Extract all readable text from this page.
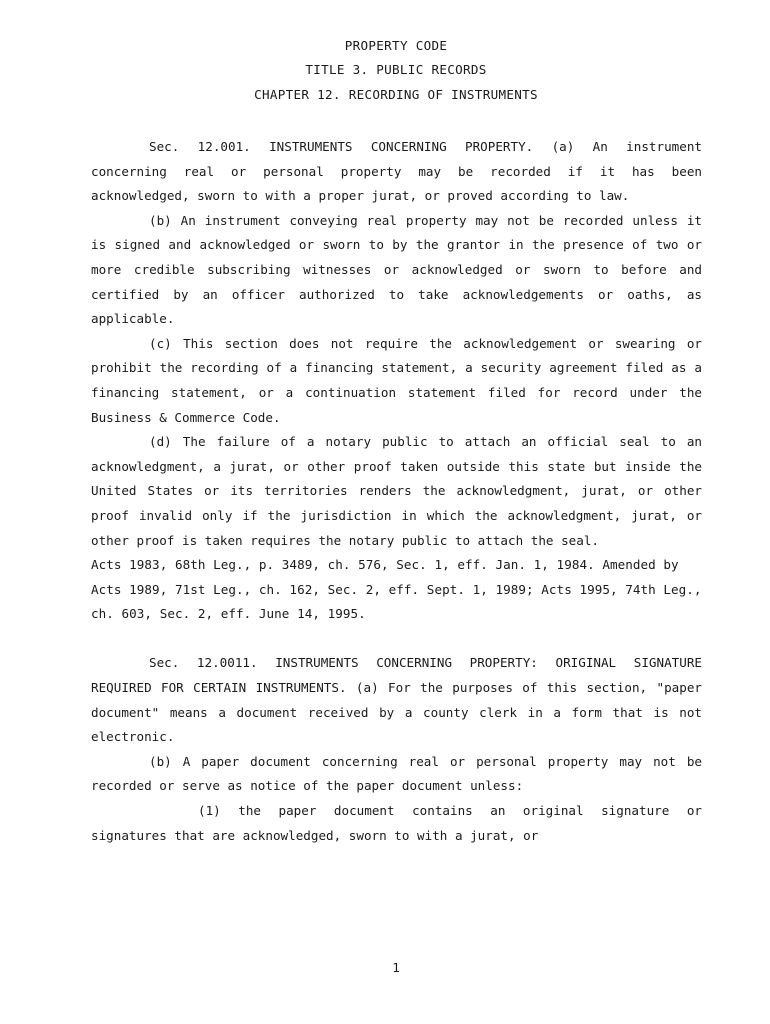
PROPERTY CODE
TITLE 3. PUBLIC RECORDS
CHAPTER 12. RECORDING OF INSTRUMENTS

Sec. 12.001. INSTRUMENTS CONCERNING PROPERTY. (a) An instrument concerning real or personal property may be recorded if it has been acknowledged, sworn to with a proper jurat, or proved according to law.

(b) An instrument conveying real property may not be recorded unless it is signed and acknowledged or sworn to by the grantor in the presence of two or more credible subscribing witnesses or acknowledged or sworn to before and certified by an officer authorized to take acknowledgements or oaths, as applicable.

(c) This section does not require the acknowledgement or swearing or prohibit the recording of a financing statement, a security agreement filed as a financing statement, or a continuation statement filed for record under the Business & Commerce Code.

(d) The failure of a notary public to attach an official seal to an acknowledgment, a jurat, or other proof taken outside this state but inside the United States or its territories renders the acknowledgment, jurat, or other proof invalid only if the jurisdiction in which the acknowledgment, jurat, or other proof is taken requires the notary public to attach the seal.

Acts 1983, 68th Leg., p. 3489, ch. 576, Sec. 1, eff. Jan. 1, 1984. Amended by Acts 1989, 71st Leg., ch. 162, Sec. 2, eff. Sept. 1, 1989; Acts 1995, 74th Leg., ch. 603, Sec. 2, eff. June 14, 1995.

Sec. 12.0011. INSTRUMENTS CONCERNING PROPERTY: ORIGINAL SIGNATURE REQUIRED FOR CERTAIN INSTRUMENTS. (a) For the purposes of this section, "paper document" means a document received by a county clerk in a form that is not electronic.

(b) A paper document concerning real or personal property may not be recorded or serve as notice of the paper document unless:

(1) the paper document contains an original signature or signatures that are acknowledged, sworn to with a jurat, or

1
